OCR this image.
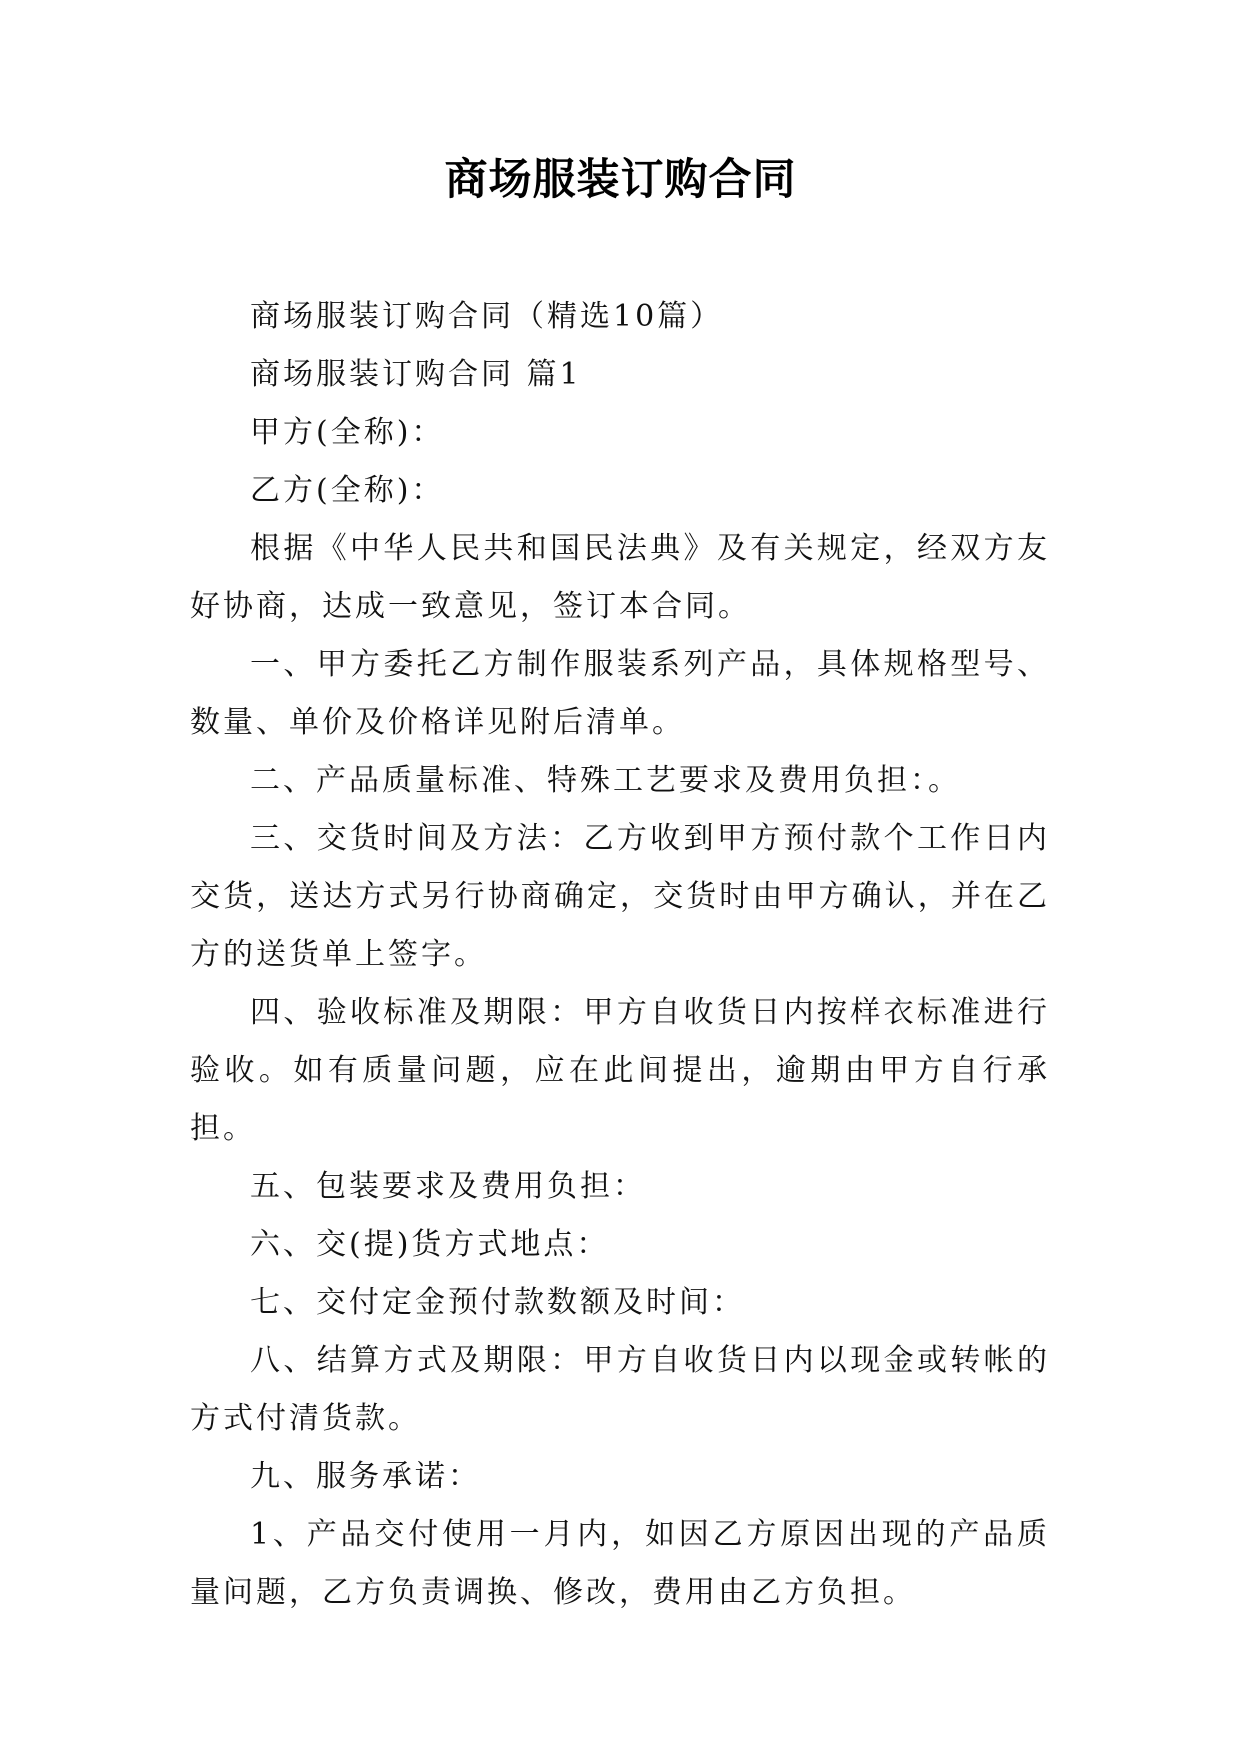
商场服装订购合同

商场服装订购合同（精选10篇）

商场服装订购合同 篇1

甲方(全称)：

乙方(全称)：

根据《中华人民共和国民法典》及有关规定，经双方友好协商，达成一致意见，签订本合同。

一、甲方委托乙方制作服装系列产品，具体规格型号、数量、单价及价格详见附后清单。

二、产品质量标准、特殊工艺要求及费用负担：。

三、交货时间及方法：乙方收到甲方预付款个工作日内交货，送达方式另行协商确定，交货时由甲方确认，并在乙方的送货单上签字。

四、验收标准及期限：甲方自收货日内按样衣标准进行验收。如有质量问题，应在此间提出，逾期由甲方自行承担。

五、包装要求及费用负担：

六、交(提)货方式地点：

七、交付定金预付款数额及时间：

八、结算方式及期限：甲方自收货日内以现金或转帐的方式付清货款。

九、服务承诺：

1、产品交付使用一月内，如因乙方原因出现的产品质量问题，乙方负责调换、修改，费用由乙方负担。
